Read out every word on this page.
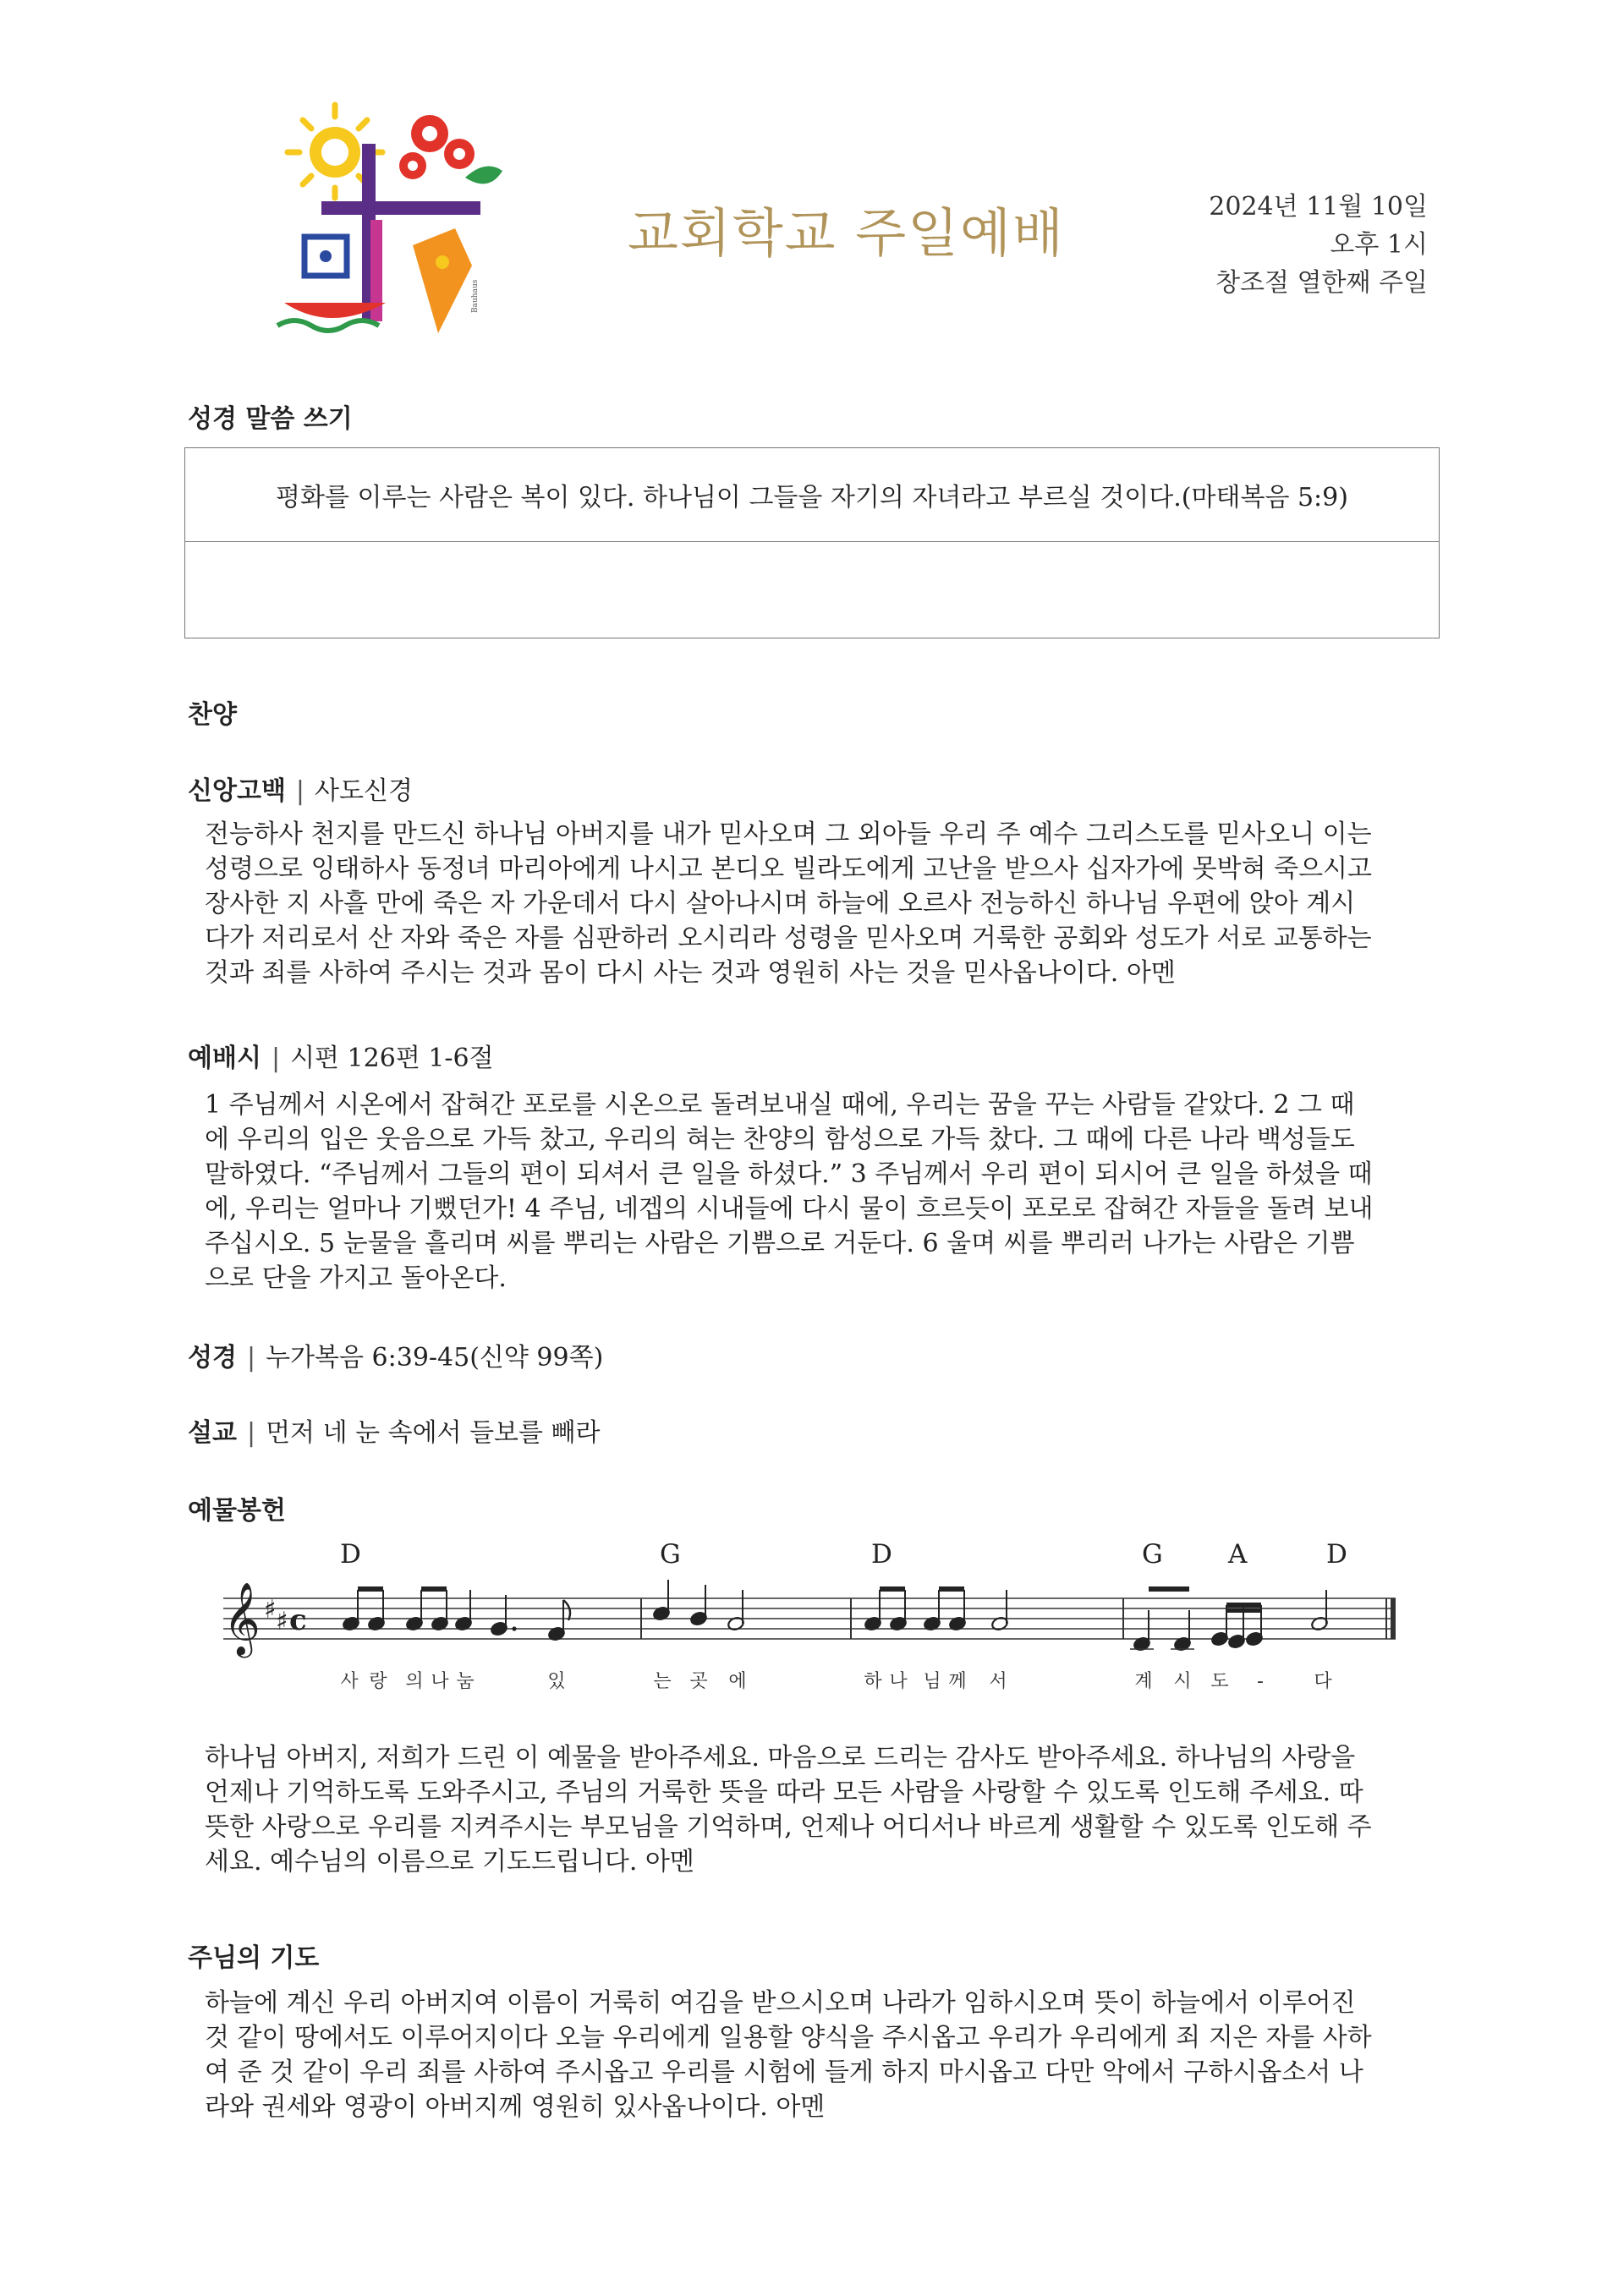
Bauhaus
교회학교 주일예배	2024년 11월 10일
오후 1시
창조절 열한째 주일
성경 말씀 쓰기
평화를 이루는 사람은 복이 있다. 하나님이 그들을 자기의 자녀라고 부르실 것이다.(마태복음 5:9)
찬양
신앙고백 | 사도신경
전능하사 천지를 만드신 하나님 아버지를 내가 믿사오며 그 외아들 우리 주 예수 그리스도를 믿사오니 이는
성령으로 잉태하사 동정녀 마리아에게 나시고 본디오 빌라도에게 고난을 받으사 십자가에 못박혀 죽으시고
장사한 지 사흘 만에 죽은 자 가운데서 다시 살아나시며 하늘에 오르사 전능하신 하나님 우편에 앉아 계시
다가 저리로서 산 자와 죽은 자를 심판하러 오시리라 성령을 믿사오며 거룩한 공회와 성도가 서로 교통하는
것과 죄를 사하여 주시는 것과 몸이 다시 사는 것과 영원히 사는 것을 믿사옵나이다. 아멘
예배시 | 시편 126편 1-6절
1 주님께서 시온에서 잡혀간 포로를 시온으로 돌려보내실 때에, 우리는 꿈을 꾸는 사람들 같았다. 2 그 때
에 우리의 입은 웃음으로 가득 찼고, 우리의 혀는 찬양의 함성으로 가득 찼다. 그 때에 다른 나라 백성들도
말하였다. “주님께서 그들의 편이 되셔서 큰 일을 하셨다.” 3 주님께서 우리 편이 되시어 큰 일을 하셨을 때
에, 우리는 얼마나 기뻤던가! 4 주님, 네겝의 시내들에 다시 물이 흐르듯이 포로로 잡혀간 자들을 돌려 보내
주십시오. 5 눈물을 흘리며 씨를 뿌리는 사람은 기쁨으로 거둔다. 6 울며 씨를 뿌리러 나가는 사람은 기쁨
으로 단을 가지고 돌아온다.
성경 | 누가복음 6:39-45(신약 99쪽)
설교 | 먼저 네 눈 속에서 들보를 빼라
예물봉헌
D	G	D	G A	D
𝄞 ♯ ♯ c
사 랑 의 나 눔	있	는 곳 에	하 나 님 께 서	계 시 도 -	다
하나님 아버지, 저희가 드린 이 예물을 받아주세요. 마음으로 드리는 감사도 받아주세요. 하나님의 사랑을
언제나 기억하도록 도와주시고, 주님의 거룩한 뜻을 따라 모든 사람을 사랑할 수 있도록 인도해 주세요. 따
뜻한 사랑으로 우리를 지켜주시는 부모님을 기억하며, 언제나 어디서나 바르게 생활할 수 있도록 인도해 주
세요. 예수님의 이름으로 기도드립니다. 아멘
주님의 기도
하늘에 계신 우리 아버지여 이름이 거룩히 여김을 받으시오며 나라가 임하시오며 뜻이 하늘에서 이루어진
것 같이 땅에서도 이루어지이다 오늘 우리에게 일용할 양식을 주시옵고 우리가 우리에게 죄 지은 자를 사하
여 준 것 같이 우리 죄를 사하여 주시옵고 우리를 시험에 들게 하지 마시옵고 다만 악에서 구하시옵소서 나
라와 권세와 영광이 아버지께 영원히 있사옵나이다. 아멘
